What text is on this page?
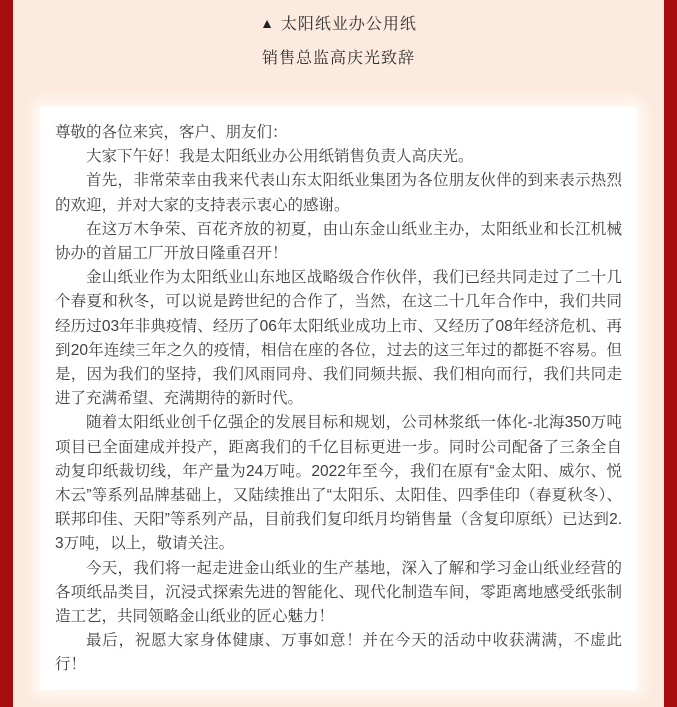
▲ 太阳纸业办公用纸
销售总监高庆光致辞

尊敬的各位来宾，客户、朋友们：

大家下午好！我是太阳纸业办公用纸销售负责人高庆光。

首先，非常荣幸由我来代表山东太阳纸业集团为各位朋友伙伴的到来表示热烈的欢迎，并对大家的支持表示衷心的感谢。

在这万木争荣、百花齐放的初夏，由山东金山纸业主办，太阳纸业和长江机械协办的首届工厂开放日隆重召开！

金山纸业作为太阳纸业山东地区战略级合作伙伴，我们已经共同走过了二十几个春夏和秋冬，可以说是跨世纪的合作了，当然，在这二十几年合作中，我们共同经历过03年非典疫情、经历了06年太阳纸业成功上市、又经历了08年经济危机、再到20年连续三年之久的疫情，相信在座的各位，过去的这三年过的都挺不容易。但是，因为我们的坚持，我们风雨同舟、我们同频共振、我们相向而行，我们共同走进了充满希望、充满期待的新时代。

随着太阳纸业创千亿强企的发展目标和规划，公司林浆纸一体化-北海350万吨项目已全面建成并投产，距离我们的千亿目标更进一步。同时公司配备了三条全自动复印纸裁切线，年产量为24万吨。2022年至今，我们在原有“金太阳、威尔、悦木云”等系列品牌基础上，又陆续推出了“太阳乐、太阳佳、四季佳印（春夏秋冬）、联邦印佳、天阳”等系列产品，目前我们复印纸月均销售量（含复印原纸）已达到2.3万吨，以上，敬请关注。

今天，我们将一起走进金山纸业的生产基地，深入了解和学习金山纸业经营的各项纸品类目，沉浸式探索先进的智能化、现代化制造车间，零距离地感受纸张制造工艺，共同领略金山纸业的匠心魅力！

最后，祝愿大家身体健康、万事如意！并在今天的活动中收获满满，不虚此行！
